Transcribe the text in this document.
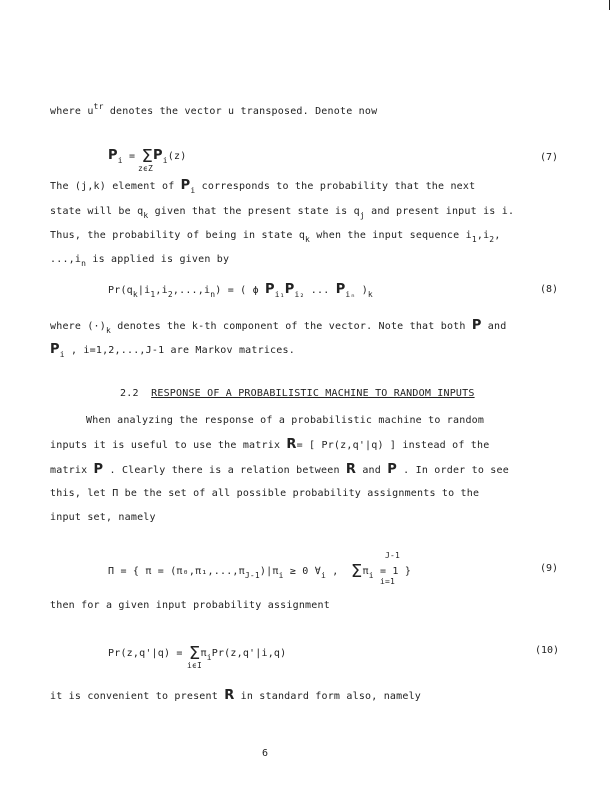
where $u^{tr}$ denotes the vector u transposed. Denote now
$P_i = \Sigma P_i(z)$
zϵZ
(7)
The (j,k) element of $P_i$ corresponds to the probability that the next
state will be $q_k$ given that the present state is $q_j$ and present input is i.
Thus, the probability of being in state $q_k$ when the input sequence $i_1,i_2$,
$...,i_n$ is applied is given by
$Pr(q_k|i_1,i_2,...,i_n)$ = ( ϕ $P_{i_1}P_{i_2}$ ... $P_{i_n}$ )$_k$	(8)
where $(\cdot)_k$ denotes the k-th component of the vector. Note that both P and
$P_i$ , i=1,2,...,J-1 are Markov matrices.
2.2 RESPONSE OF A PROBABILISTIC MACHINE TO RANDOM INPUTS
When analyzing the response of a probabilistic machine to random
inputs it is useful to use the matrix R= [ Pr(z,q'|q) ] instead of the
matrix P . Clearly there is a relation between R and P . In order to see
this, let Π be the set of all possible probability assignments to the
input set, namely
J-1
Π = { $\pi = (\pi_0,\pi_1,...,\pi_{J-1})|\pi_i \ge 0$ $\forall_i$ , $\Sigma\pi_i = 1$ }
i=1
(9)
then for a given input probability assignment
$Pr(z,q'|q) = \Sigma\pi_iPr(z,q'|i,q)$
iϵI
(10)
it is convenient to present R in standard form also, namely
6
